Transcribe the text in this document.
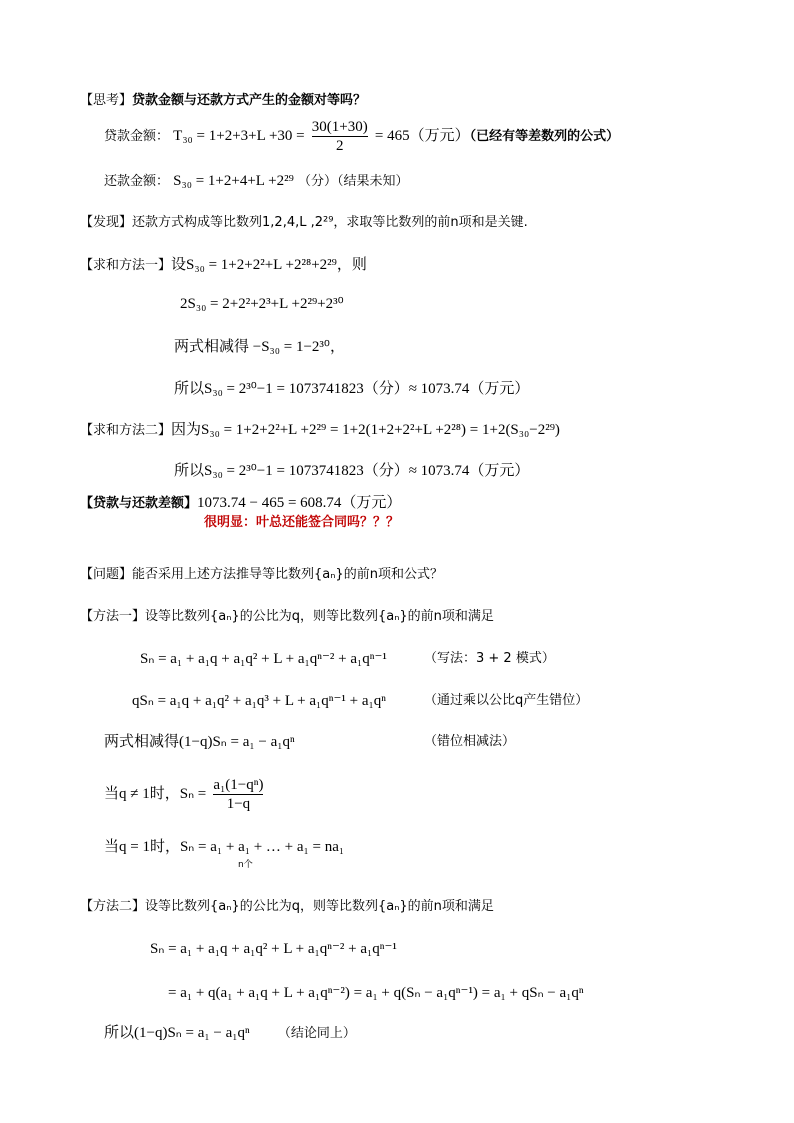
【思考】贷款金额与还款方式产生的金额对等吗？
贷款金额： $T_{30} = 1+2+3+L +30 = \frac{30(1+30)}{2} = 465$（万元）（已经有等差数列的公式）
还款金额： S₃₀ = 1+2+4+L +2²⁹ （分）（结果未知）
【发现】还款方式构成等比数列1,2,4,L ,2²⁹，求取等比数列的前n项和是关键.
【求和方法一】设S₃₀ = 1+2+2²+L +2²⁸+2²⁹，则
2S₃₀ = 2+2²+2³+L +2²⁹+2³⁰
两式相减得 −S₃₀ = 1−2³⁰，
所以S₃₀ = 2³⁰−1 = 1073741823（分）≈ 1073.74（万元）
【求和方法二】因为S₃₀ = 1+2+2²+L +2²⁹ = 1+2(1+2+2²+L +2²⁸) = 1+2(S₃₀−2²⁹)
所以S₃₀ = 2³⁰−1 = 1073741823（分）≈ 1073.74（万元）
【贷款与还款差额】1073.74 − 465 = 608.74（万元）
很明显：叶总还能签合同吗？？？
【问题】能否采用上述方法推导等比数列{aₙ}的前n项和公式？
【方法一】设等比数列{aₙ}的公比为q，则等比数列{aₙ}的前n项和满足
Sₙ = a₁ + a₁q + a₁q² + L + a₁qⁿ⁻² + a₁qⁿ⁻¹	（写法：3 + 2 模式）
qSₙ = a₁q + a₁q² + a₁q³ + L + a₁qⁿ⁻¹ + a₁qⁿ	（通过乘以公比q产生错位）
两式相减得(1−q)Sₙ = a₁ − a₁qⁿ	（错位相减法）
当q ≠ 1时，$S_n = \frac{\text{a₁(1−qⁿ)}}{1-q}$
当q = 1时，Sₙ = a₁ + a₁ + … + a₁ = na₁
n个
【方法二】设等比数列{aₙ}的公比为q，则等比数列{aₙ}的前n项和满足
Sₙ = a₁ + a₁q + a₁q² + L + a₁qⁿ⁻² + a₁qⁿ⁻¹
= a₁ + q(a₁ + a₁q + L + a₁qⁿ⁻²) = a₁ + q(Sₙ − a₁qⁿ⁻¹) = a₁ + qSₙ − a₁qⁿ
所以(1−q)Sₙ = a₁ − a₁qⁿ （结论同上）
